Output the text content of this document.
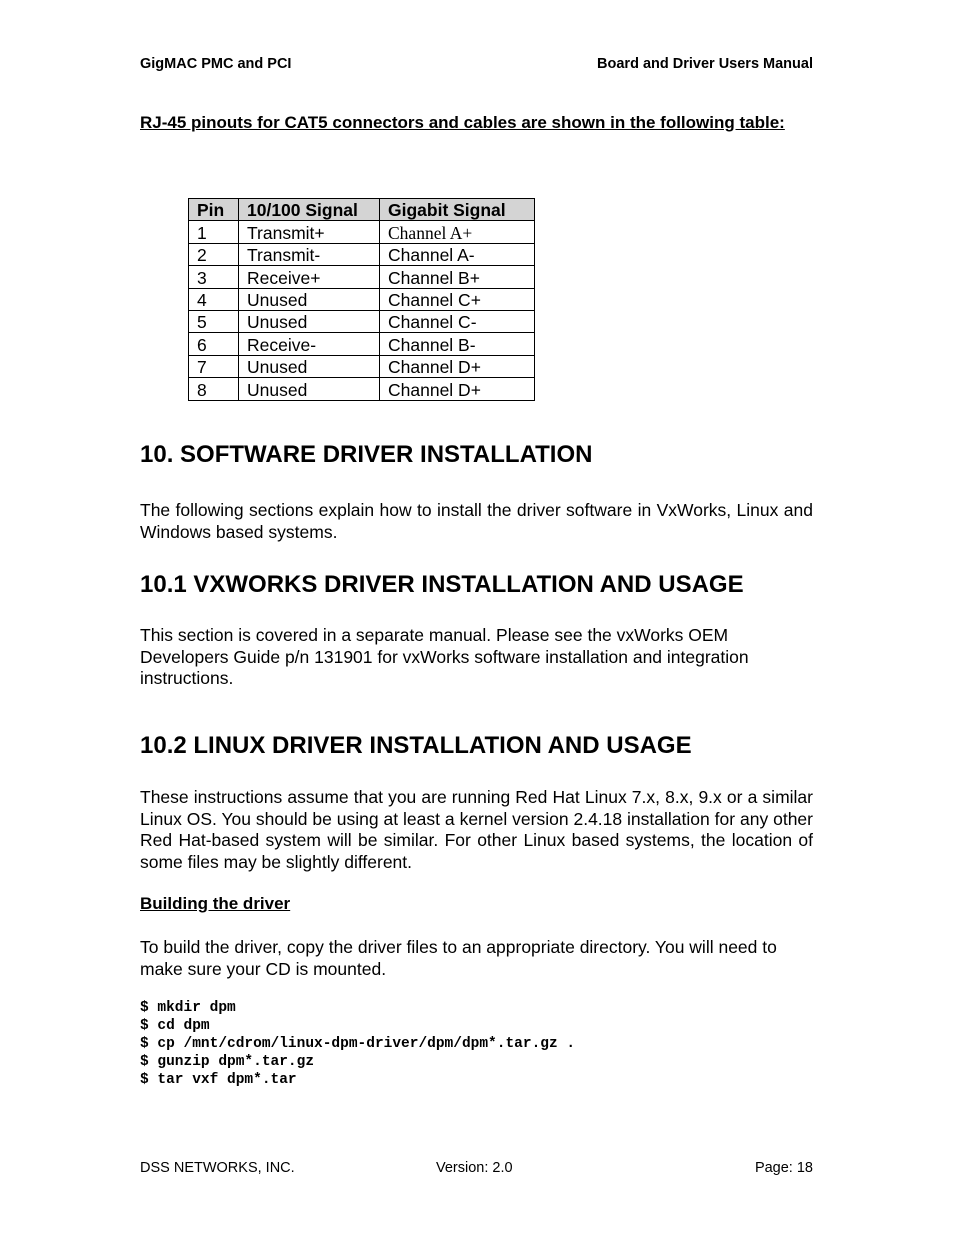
GigMAC PMC and PCI	Board and Driver Users Manual
RJ-45 pinouts for CAT5 connectors and cables are shown in the following table:
Pin	10/100 Signal	Gigabit Signal
1	Transmit+	Channel A+
2	Transmit-	Channel A-
3	Receive+	Channel B+
4	Unused	Channel C+
5	Unused	Channel C-
6	Receive-	Channel B-
7	Unused	Channel D+
8	Unused	Channel D+
10. SOFTWARE DRIVER INSTALLATION
The following sections explain how to install the driver software in VxWorks, Linux and Windows based systems.
10.1 VXWORKS DRIVER INSTALLATION AND USAGE
This section is covered in a separate manual. Please see the vxWorks OEM
Developers Guide p/n 131901 for vxWorks software installation and integration
instructions.
10.2 LINUX DRIVER INSTALLATION AND USAGE
These instructions assume that you are running Red Hat Linux 7.x, 8.x, 9.x or a similar Linux OS. You should be using at least a kernel version 2.4.18 installation for any other Red Hat-based system will be similar. For other Linux based systems, the location of some files may be slightly different.
Building the driver
To build the driver, copy the driver files to an appropriate directory. You will need to make sure your CD is mounted.
$ mkdir dpm
$ cd dpm
$ cp /mnt/cdrom/linux-dpm-driver/dpm/dpm*.tar.gz .
$ gunzip dpm*.tar.gz
$ tar vxf dpm*.tar
DSS NETWORKS, INC.	Version: 2.0	Page: 18
